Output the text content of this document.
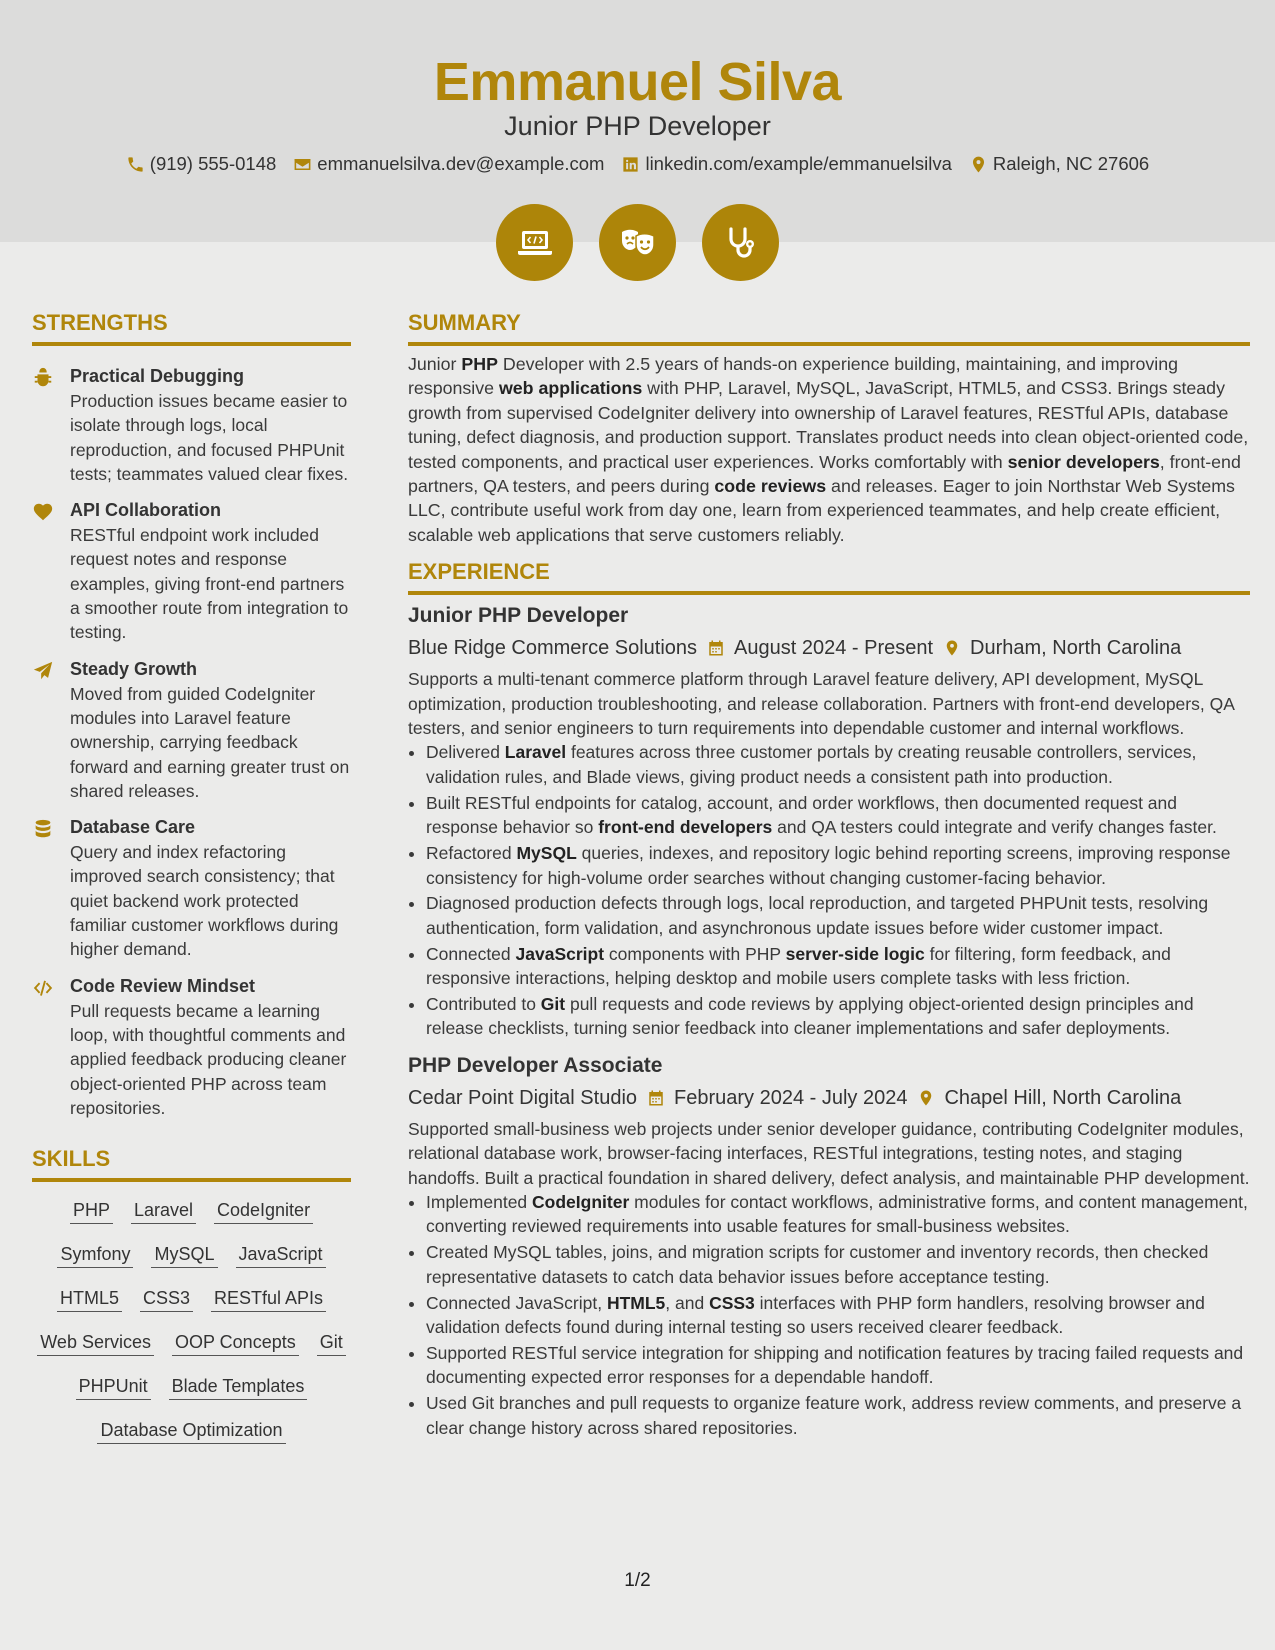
Emmanuel Silva
Junior PHP Developer
(919) 555-0148 emmanuelsilva.dev@example.com linkedin.com/example/emmanuelsilva Raleigh, NC 27606
STRENGTHS
Practical Debugging
Production issues became easier to isolate through logs, local reproduction, and focused PHPUnit tests; teammates valued clear fixes.
API Collaboration
RESTful endpoint work included request notes and response examples, giving front-end partners a smoother route from integration to testing.
Steady Growth
Moved from guided CodeIgniter modules into Laravel feature ownership, carrying feedback forward and earning greater trust on shared releases.
Database Care
Query and index refactoring improved search consistency; that quiet backend work protected familiar customer workflows during higher demand.
Code Review Mindset
Pull requests became a learning loop, with thoughtful comments and applied feedback producing cleaner object-oriented PHP across team repositories.
SKILLS
PHP Laravel CodeIgniter
Symfony MySQL JavaScript
HTML5 CSS3 RESTful APIs
Web Services OOP Concepts Git
PHPUnit Blade Templates
Database Optimization
SUMMARY
Junior PHP Developer with 2.5 years of hands-on experience building, maintaining, and improving responsive web applications with PHP, Laravel, MySQL, JavaScript, HTML5, and CSS3. Brings steady growth from supervised CodeIgniter delivery into ownership of Laravel features, RESTful APIs, database tuning, defect diagnosis, and production support. Translates product needs into clean object-oriented code, tested components, and practical user experiences. Works comfortably with senior developers, front-end partners, QA testers, and peers during code reviews and releases. Eager to join Northstar Web Systems LLC, contribute useful work from day one, learn from experienced teammates, and help create efficient, scalable web applications that serve customers reliably.
EXPERIENCE
Junior PHP Developer
Blue Ridge Commerce Solutions August 2024 - Present Durham, North Carolina
Supports a multi-tenant commerce platform through Laravel feature delivery, API development, MySQL optimization, production troubleshooting, and release collaboration. Partners with front-end developers, QA testers, and senior engineers to turn requirements into dependable customer and internal workflows.
• Delivered Laravel features across three customer portals by creating reusable controllers, services, validation rules, and Blade views, giving product needs a consistent path into production.
• Built RESTful endpoints for catalog, account, and order workflows, then documented request and response behavior so front-end developers and QA testers could integrate and verify changes faster.
• Refactored MySQL queries, indexes, and repository logic behind reporting screens, improving response consistency for high-volume order searches without changing customer-facing behavior.
• Diagnosed production defects through logs, local reproduction, and targeted PHPUnit tests, resolving authentication, form validation, and asynchronous update issues before wider customer impact.
• Connected JavaScript components with PHP server-side logic for filtering, form feedback, and responsive interactions, helping desktop and mobile users complete tasks with less friction.
• Contributed to Git pull requests and code reviews by applying object-oriented design principles and release checklists, turning senior feedback into cleaner implementations and safer deployments.
PHP Developer Associate
Cedar Point Digital Studio February 2024 - July 2024 Chapel Hill, North Carolina
Supported small-business web projects under senior developer guidance, contributing CodeIgniter modules, relational database work, browser-facing interfaces, RESTful integrations, testing notes, and staging handoffs. Built a practical foundation in shared delivery, defect analysis, and maintainable PHP development.
• Implemented CodeIgniter modules for contact workflows, administrative forms, and content management, converting reviewed requirements into usable features for small-business websites.
• Created MySQL tables, joins, and migration scripts for customer and inventory records, then checked representative datasets to catch data behavior issues before acceptance testing.
• Connected JavaScript, HTML5, and CSS3 interfaces with PHP form handlers, resolving browser and validation defects found during internal testing so users received clearer feedback.
• Supported RESTful service integration for shipping and notification features by tracing failed requests and documenting expected error responses for a dependable handoff.
• Used Git branches and pull requests to organize feature work, address review comments, and preserve a clear change history across shared repositories.
1/2
